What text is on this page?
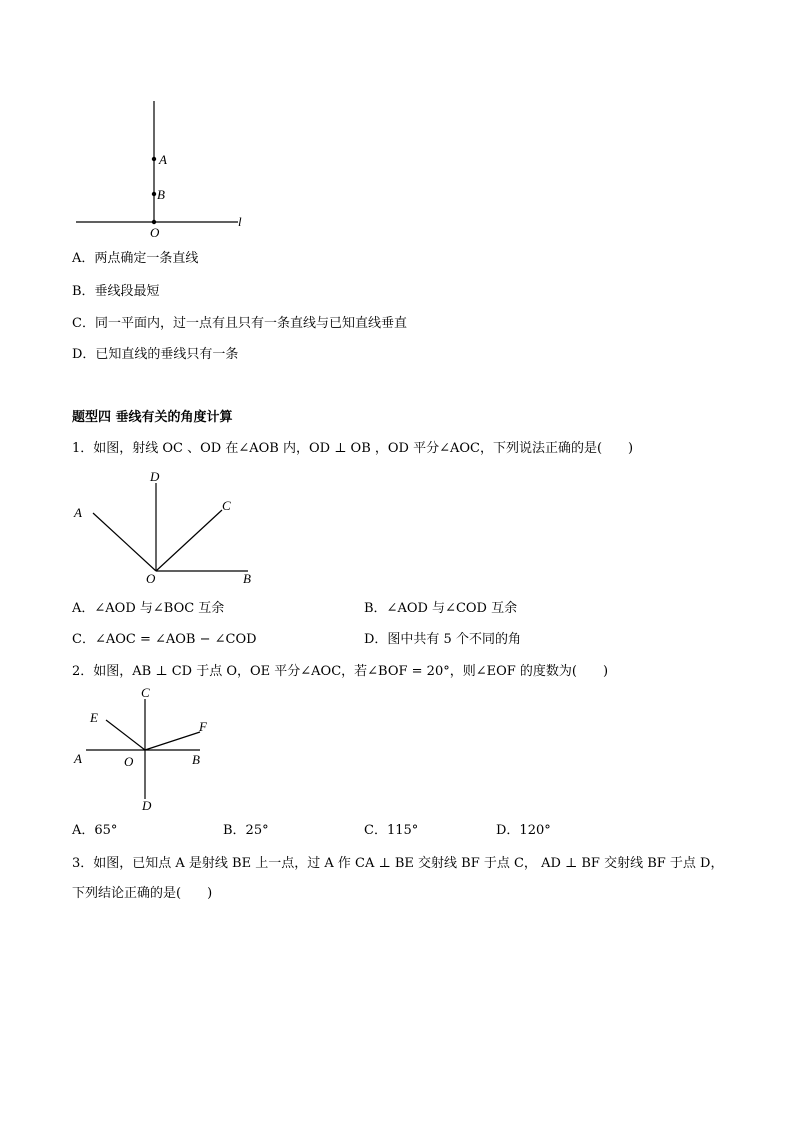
A
B
O
l
A．两点确定一条直线
B．垂线段最短
C．同一平面内，过一点有且只有一条直线与已知直线垂直
D．已知直线的垂线只有一条
题型四 垂线有关的角度计算
1．如图，射线 OC 、OD 在∠AOB 内，OD ⊥ OB ，OD 平分∠AOC，下列说法正确的是(　　)
A
D
C
O	B
A．∠AOD 与∠BOC 互余	B．∠AOD 与∠COD 互余
C．∠AOC = ∠AOB − ∠COD	D．图中共有 5 个不同的角
2．如图，AB ⊥ CD 于点 O，OE 平分∠AOC，若∠BOF = 20°，则∠EOF 的度数为(　　)
C
E
F
A	O	B
D
A．65°	B．25°	C．115°	D．120°
3．如图，已知点 A 是射线 BE 上一点，过 A 作 CA ⊥ BE 交射线 BF 于点 C， AD ⊥ BF 交射线 BF 于点 D，
下列结论正确的是(　　)
